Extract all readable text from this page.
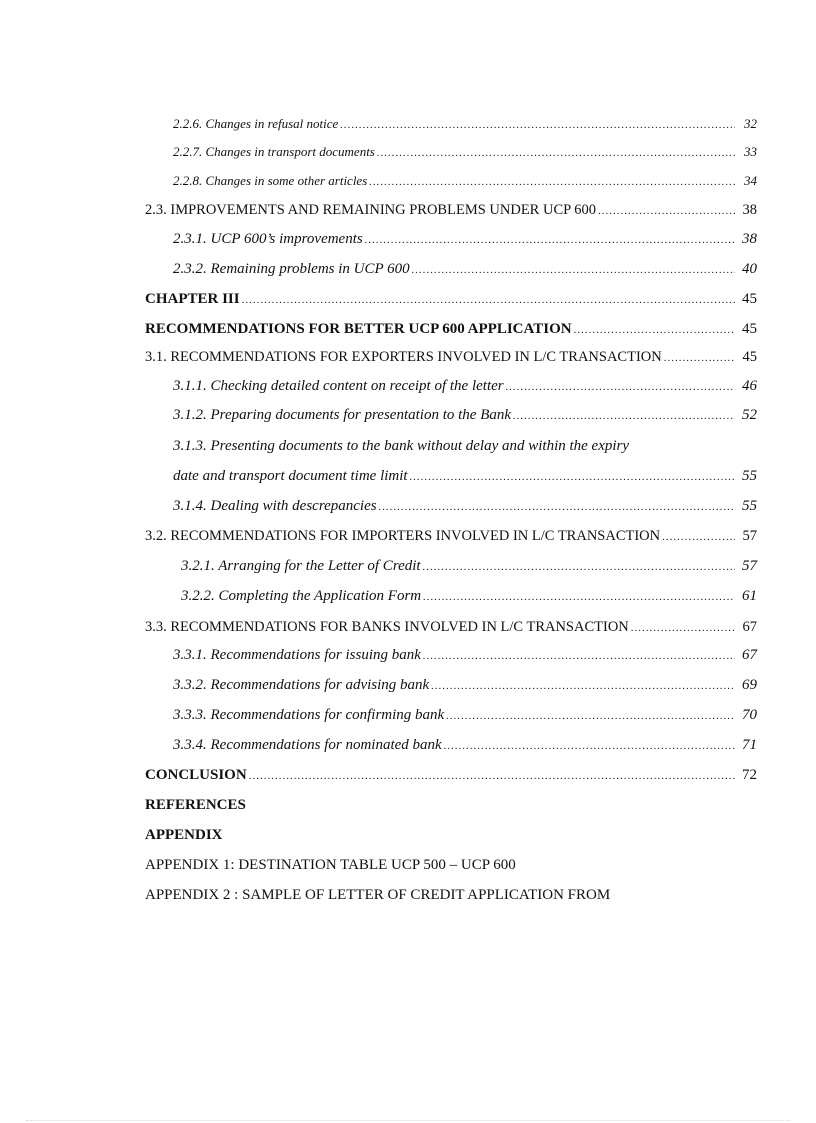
2.2.6. Changes in refusal notice .....	32
2.2.7. Changes in transport documents .....	33
2.2.8. Changes in some other articles .....	34
2.3. IMPROVEMENTS AND REMAINING PROBLEMS UNDER UCP 600 .....	38
2.3.1. UCP 600’s improvements .....	38
2.3.2. Remaining problems in UCP 600 .....	40
CHAPTER III .....	45
RECOMMENDATIONS FOR BETTER UCP 600 APPLICATION .....	45
3.1. RECOMMENDATIONS FOR EXPORTERS INVOLVED IN L/C TRANSACTION .....	45
3.1.1. Checking detailed content on receipt of the letter .....	46
3.1.2. Preparing documents for presentation to the Bank .....	52
3.1.3. Presenting documents to the bank without delay and within the expiry
date and transport document time limit .....	55
3.1.4. Dealing with descrepancies .....	55
3.2. RECOMMENDATIONS FOR IMPORTERS INVOLVED IN L/C TRANSACTION .....	57
3.2.1. Arranging for the Letter of Credit .....	57
3.2.2. Completing the Application Form .....	61
3.3. RECOMMENDATIONS FOR BANKS INVOLVED IN L/C TRANSACTION .....	67
3.3.1. Recommendations for issuing bank .....	67
3.3.2. Recommendations for advising bank .....	69
3.3.3. Recommendations for confirming bank .....	70
3.3.4. Recommendations for nominated bank .....	71
CONCLUSION .....	72
REFERENCES
APPENDIX
APPENDIX 1: DESTINATION TABLE UCP 500 – UCP 600
APPENDIX 2 : SAMPLE OF LETTER OF CREDIT APPLICATION FROM
